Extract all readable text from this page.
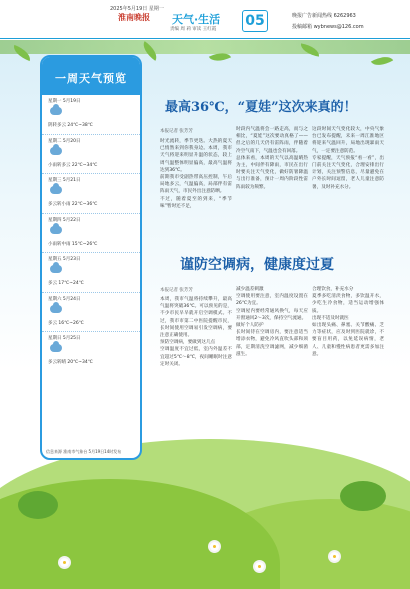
2025年5月19日 星期一
淮南晚报 天气·生活
责编 周 莉 审读 王红霞
05	晚报广告新闻热线 6262963
投稿邮箱 wybnews@126.com
一周天气预览
星期一 5月19日
阴转多云 24℃~38℃
星期二 5月20日
小雨转多云 22℃~34℃
星期三 5月21日
多云转小雨 22℃~36℃
星期四 5月22日
小雨转中雨 15℃~26℃
星期五 5月23日
多云 17℃~24℃
星期六 5月24日
多云 16℃~26℃
星期日 5月25日
多云转晴 20℃~34℃
信息来源 淮南市气象台 5月19日14时发布
最高36℃，“夏娃”这次来真的！
本报记者 张芳芳
时光流转，季节更迭。大热的夏天已悄然来到你我身边。本周，我市天气将迎来明显升温的状态，较上周气温整体明显偏高，最高气温将达到36℃。
前期我市受副热带高压控制，午后局地多云，气温偏高，局部伴有雷阵雨天气，市民外出注意防晒。
不过，随着夏至的到来，“季节味”暂时还不足，
时段内气温将会一路走高，而与之相比，“夏娃”这次要动真格了——但之后的几天仍有雷阵雨，伴随着冷空气南下，气温也会有回落。
总体来看，本周的天气以高温晴热为主，中间伴有降雨，市民在出行时要关注天气变化，做好防暑降温与出行准备，预计一周内阶段性雷阵雨较为频繁。
这段时间天气变化较大，中央气象台已发布提醒，未来一周江淮地区将迎来气温回升，局地出现暴雨天气，一定要注意防范。
专家提醒，天气预报“看一看”，出门前关注天气变化，合理安排出行计划，关注预警信息，尽量避免在户外长时间逗留，老人儿童注意防暑，及时补充水分。
谨防空调病，健康度过夏
本报记者 张芳芳
本周，我市气温将持续攀升，最高气温将突破36℃。可以预见的是，不少市民早早就开启空调模式。不过，我市市第二中医院提醒市民，长时间使用空调易引发空调病，要注意正确使用。
预防空调病，要做到这几点
空调温度不宜过低，室内外温差不宜超过5℃～8℃，夜间睡眠时注意定时关闭。
减少温差刺激
空调使用要注意，室内温度设置在26℃为宜。
空调屋内要经常通风换气，每天应开窗通风2～3次，保持空气流通。
做好个人防护
长时间待在空调房内，要注意适当增添衣物，避免冷风直吹头部和颈部，定期清洗空调滤网，减少细菌滋生。
合理饮食，补充水分
夏季多吃清淡食物，多饮温开水，少吃生冷食物，适当运动增强体质。
出现不适及时就医
如出现头痛、鼻塞、关节酸痛、乏力等症状，应及时到医院就诊，不要盲目用药，以免延误病情，老人、儿童和慢性病患者更需多加注意。
